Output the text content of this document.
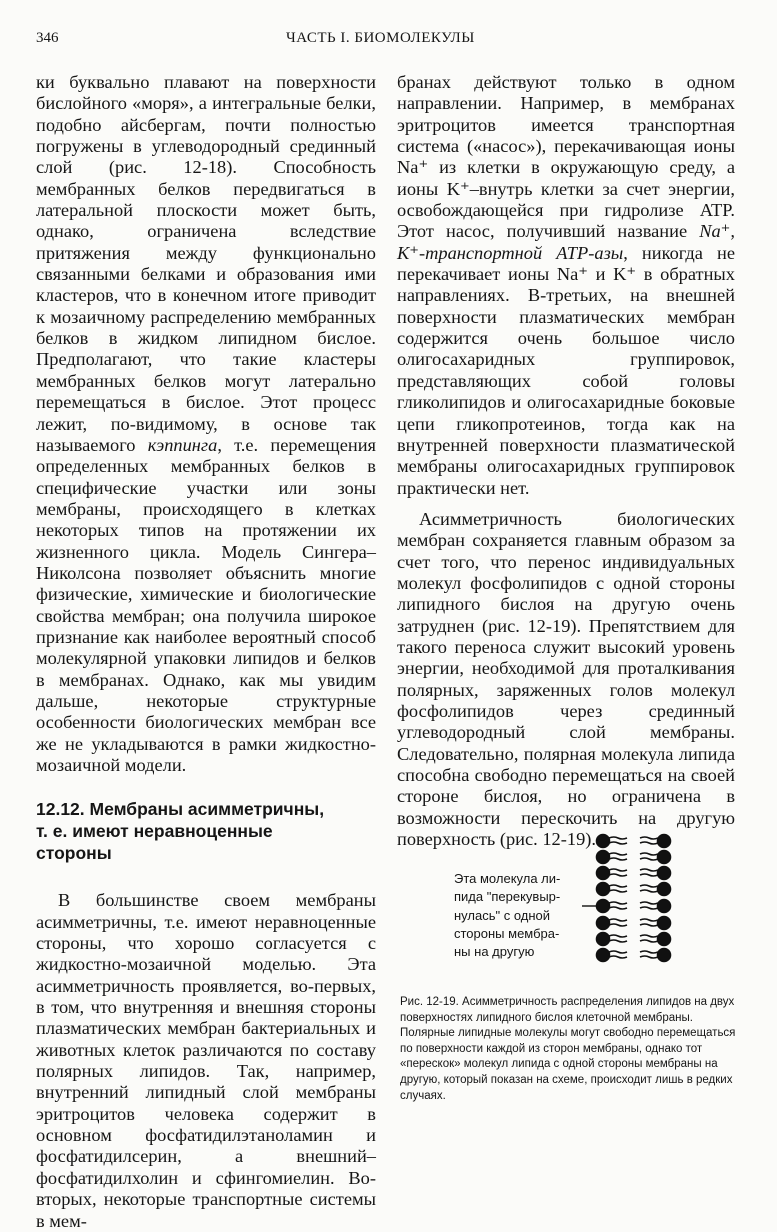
346	ЧАСТЬ I. БИОМОЛЕКУЛЫ

ки буквально плавают на поверхности бислойного «моря», а интегральные белки, подобно айсбергам, почти полностью погружены в углеводородный срединный слой (рис. 12-18). Способность мембранных белков передвигаться в латеральной плоскости может быть, однако, ограничена вследствие притяжения между функционально связанными белками и образования ими кластеров, что в конечном итоге приводит к мозаичному распределению мембранных белков в жидком липидном бислое. Предполагают, что такие кластеры мембранных белков могут латерально перемещаться в бислое. Этот процесс лежит, по-видимому, в основе так называемого кэппинга, т.е. перемещения определенных мембранных белков в специфические участки или зоны мембраны, происходящего в клетках некоторых типов на протяжении их жизненного цикла. Модель Сингера–Николсона позволяет объяснить многие физические, химические и биологические свойства мембран; она получила широкое признание как наиболее вероятный способ молекулярной упаковки липидов и белков в мембранах. Однако, как мы увидим дальше, некоторые структурные особенности биологических мембран все же не укладываются в рамки жидкостно-мозаичной модели.

12.12. Мембраны асимметричны,
т. е. имеют неравноценные
стороны

В большинстве своем мембраны асимметричны, т.е. имеют неравноценные стороны, что хорошо согласуется с жидкостно-мозаичной моделью. Эта асимметричность проявляется, во-первых, в том, что внутренняя и внешняя стороны плазматических мембран бактериальных и животных клеток различаются по составу полярных липидов. Так, например, внутренний липидный слой мембраны эритроцитов человека содержит в основном фосфатидилэтаноламин и фосфатидилсерин, а внешний–фосфатидилхолин и сфингомиелин. Во-вторых, некоторые транспортные системы в мем-

бранах действуют только в одном направлении. Например, в мембранах эритроцитов имеется транспортная система («насос»), перекачивающая ионы Na⁺ из клетки в окружающую среду, а ионы K⁺–внутрь клетки за счет энергии, освобождающейся при гидролизе ATP. Этот насос, получивший название Na⁺, K⁺-транспортной ATP-азы, никогда не перекачивает ионы Na⁺ и K⁺ в обратных направлениях. В-третьих, на внешней поверхности плазматических мембран содержится очень большое число олигосахаридных группировок, представляющих собой головы гликолипидов и олигосахаридные боковые цепи гликопротеинов, тогда как на внутренней поверхности плазматической мембраны олигосахаридных группировок практически нет.

Асимметричность биологических мембран сохраняется главным образом за счет того, что перенос индивидуальных молекул фосфолипидов с одной стороны липидного бислоя на другую очень затруднен (рис. 12-19). Препятствием для такого переноса служит высокий уровень энергии, необходимой для проталкивания полярных, заряженных голов молекул фосфолипидов через срединный углеводородный слой мембраны. Следовательно, полярная молекула липида способна свободно перемещаться на своей стороне бислоя, но ограничена в возможности перескочить на другую поверхность (рис. 12-19).

Эта молекула ли-
пида "перекувыр-
нулась" с одной
стороны мембра-
ны на другую
Рис. 12-19. Асимметричность распределения липидов на двух поверхностях липидного бислоя клеточной мембраны. Полярные липидные молекулы могут свободно перемещаться по поверхности каждой из сторон мембраны, однако тот «перескок» молекул липида с одной стороны мембраны на другую, который показан на схеме, происходит лишь в редких случаях.
